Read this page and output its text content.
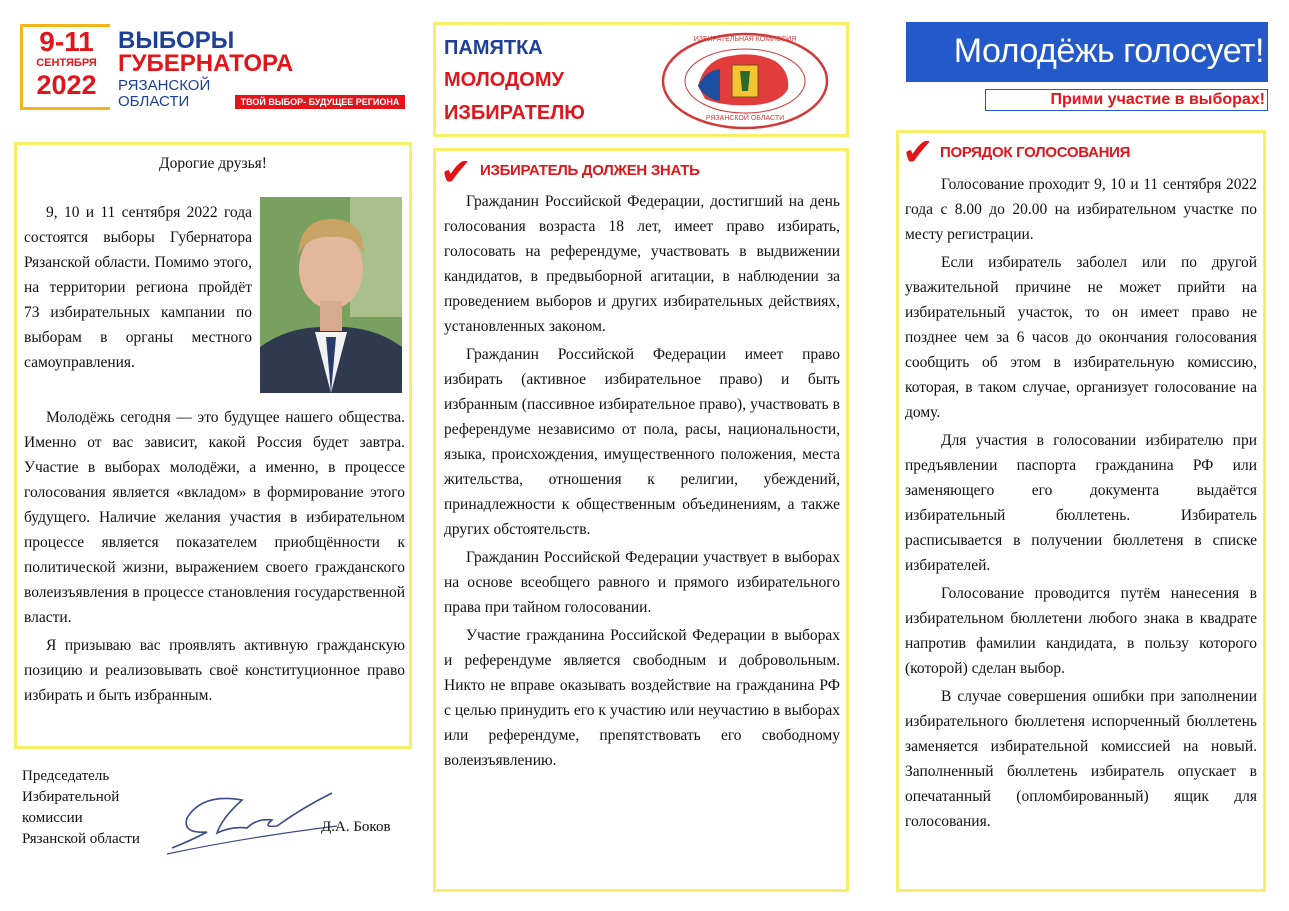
9-11
СЕНТЯБРЯ
2022
ВЫБОРЫ
ГУБЕРНАТОРА
РЯЗАНСКОЙ
ОБЛАСТИ	ТВОЙ ВЫБОР- БУДУЩЕЕ РЕГИОНА
Дорогие друзья!

9, 10 и 11 сентября 2022 года состоятся выборы Губернатора Рязанской области. Помимо этого, на территории региона пройдёт 73 избирательных кампании по выборам в органы местного самоуправления.

Молодёжь сегодня — это будущее нашего общества. Именно от вас зависит, какой Россия будет завтра. Участие в выборах молодёжи, а именно, в процессе голосования является «вкладом» в формирование этого будущего. Наличие желания участия в избирательном процессе является показателем приобщённости к политической жизни, выражением своего гражданского волеизъявления в процессе становления государственной власти.

Я призываю вас проявлять активную гражданскую позицию и реализовывать своё конституционное право избирать и быть избранным.

Председатель
Избирательной
комиссии
Рязанской области
Д.А. Боков
ПАМЯТКА
МОЛОДОМУ
ИЗБИРАТЕЛЮ
ИЗБИРАТЕЛЬНАЯ КОМИССИЯ
РЯЗАНСКОЙ ОБЛАСТИ
✔ ИЗБИРАТЕЛЬ ДОЛЖЕН ЗНАТЬ

Гражданин Российской Федерации, достигший на день голосования возраста 18 лет, имеет право избирать, голосовать на референдуме, участвовать в выдвижении кандидатов, в предвыборной агитации, в наблюдении за проведением выборов и других избирательных действиях, установленных законом.

Гражданин Российской Федерации имеет право избирать (активное избирательное право) и быть избранным (пассивное избирательное право), участвовать в референдуме независимо от пола, расы, национальности, языка, происхождения, имущественного положения, места жительства, отношения к религии, убеждений, принадлежности к общественным объединениям, а также других обстоятельств.

Гражданин Российской Федерации участвует в выборах на основе всеобщего равного и прямого избирательного права при тайном голосовании.

Участие гражданина Российской Федерации в выборах и референдуме является свободным и добровольным. Никто не вправе оказывать воздействие на гражданина РФ с целью принудить его к участию или неучастию в выборах или референдуме, препятствовать его свободному волеизъявлению.

Молодёжь голосует!
Прими участие в выборах!
✔ ПОРЯДОК ГОЛОСОВАНИЯ

Голосование проходит 9, 10 и 11 сентября 2022 года с 8.00 до 20.00 на избирательном участке по месту регистрации.

Если избиратель заболел или по другой уважительной причине не может прийти на избирательный участок, то он имеет право не позднее чем за 6 часов до окончания голосования сообщить об этом в избирательную комиссию, которая, в таком случае, организует голосование на дому.

Для участия в голосовании избирателю при предъявлении паспорта гражданина РФ или заменяющего его документа выдаётся избирательный бюллетень. Избиратель расписывается в получении бюллетеня в списке избирателей.

Голосование проводится путём нанесения в избирательном бюллетени любого знака в квадрате напротив фамилии кандидата, в пользу которого (которой) сделан выбор.

В случае совершения ошибки при заполнении избирательного бюллетеня испорченный бюллетень заменяется избирательной комиссией на новый. Заполненный бюллетень избиратель опускает в опечатанный (опломбированный) ящик для голосования.
